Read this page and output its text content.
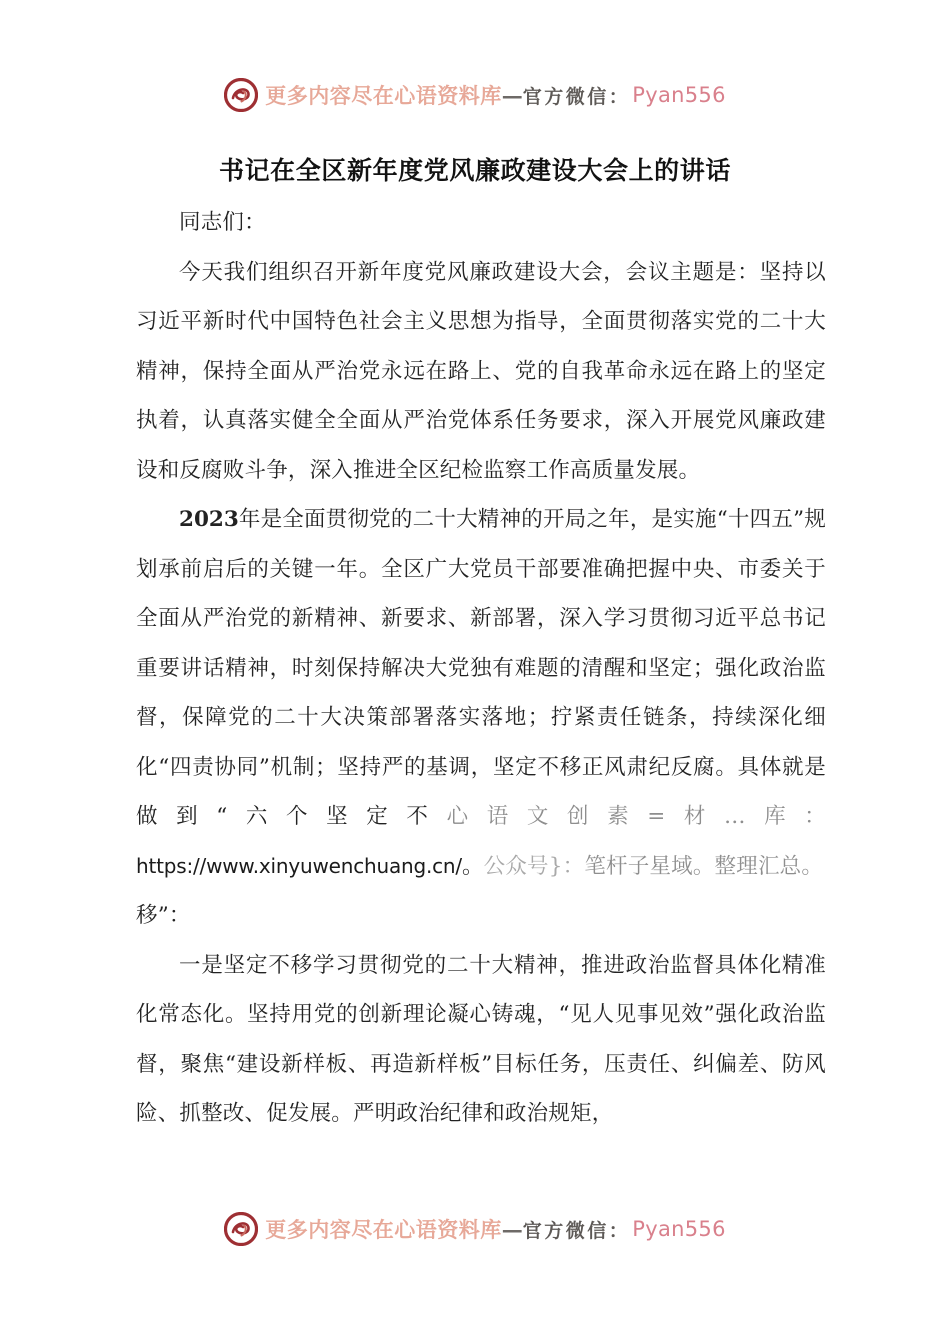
更多内容尽在心语资料库 — 官方微信： Pyan556
书记在全区新年度党风廉政建设大会上的讲话

同志们：

今天我们组织召开新年度党风廉政建设大会，会议主题是：坚持以习近平新时代中国特色社会主义思想为指导，全面贯彻落实党的二十大精神，保持全面从严治党永远在路上、党的自我革命永远在路上的坚定执着，认真落实健全全面从严治党体系任务要求，深入开展党风廉政建设和反腐败斗争，深入推进全区纪检监察工作高质量发展。

2023年是全面贯彻党的二十大精神的开局之年，是实施“十四五”规划承前启后的关键一年。全区广大党员干部要准确把握中央、市委关于全面从严治党的新精神、新要求、新部署，深入学习贯彻习近平总书记重要讲话精神，时刻保持解决大党独有难题的清醒和坚定；强化政治监督，保障党的二十大决策部署落实落地；拧紧责任链条，持续深化细化“四责协同”机制；坚持严的基调，坚定不移正风肃纪反腐。具体就是做到“六个坚定不心语文创素=材…库：https://www.xinyuwenchuang.cn/。公众号}：笔杆子星域。整理汇总。

移”：

一是坚定不移学习贯彻党的二十大精神，推进政治监督具体化精准化常态化。坚持用党的创新理论凝心铸魂，“见人见事见效”强化政治监督，聚焦“建设新样板、再造新样板”目标任务，压责任、纠偏差、防风险、抓整改、促发展。严明政治纪律和政治规矩，

更多内容尽在心语资料库 — 官方微信： Pyan556
